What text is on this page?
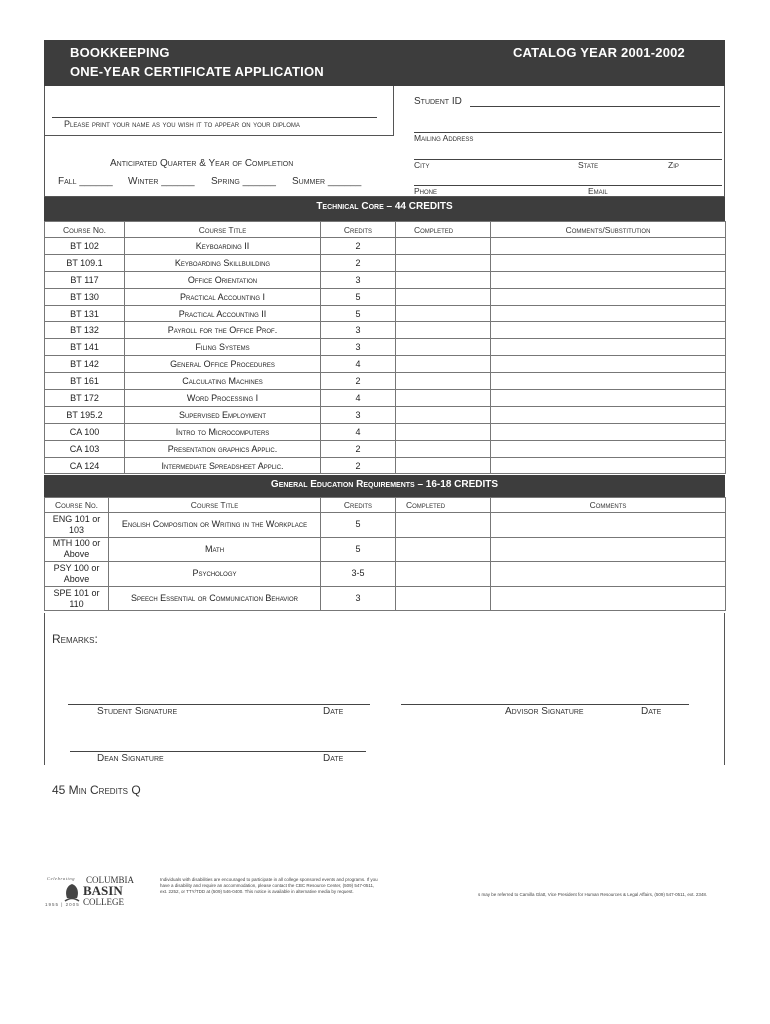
BOOKKEEPING
ONE-YEAR CERTIFICATE APPLICATION
CATALOG YEAR 2001-2002
Please print your name as you wish it to appear on your diploma
Anticipated Quarter & Year of Completion
Fall ______ Winter ______ Spring ______ Summer ______
Student ID
Mailing Address
City	State	Zip
Phone	Email
Technical Core – 44 CREDITS
Course No.	Course Title	Credits	Completed	Comments/Substitution
BT 102	Keyboarding II	2		
BT 109.1	Keyboarding Skillbuilding	2		
BT 117	Office Orientation	3		
BT 130	Practical Accounting I	5		
BT 131	Practical Accounting II	5		
BT 132	Payroll for the Office Prof.	3		
BT 141	Filing Systems	3		
BT 142	General Office Procedures	4		
BT 161	Calculating Machines	2		
BT 172	Word Processing I	4		
BT 195.2	Supervised Employment	3		
CA 100	Intro to Microcomputers	4		
CA 103	Presentation graphics Applic.	2		
CA 124	Intermediate Spreadsheet Applic.	2		
General Education Requirements – 16-18 CREDITS
Course No.	Course Title	Credits	Completed	Comments
ENG 101 or 103	English Composition or Writing in the Workplace	5		
MTH 100 or Above	Math	5		
PSY 100 or Above	Psychology	3-5		
SPE 101 or 110	Speech Essential or Communication Behavior	3		
Remarks:
Student Signature	Date	Advisor Signature	Date
Dean Signature	Date
45 Min Credits Q
Celebrating COLUMBIA
BASIN
COLLEGE
1955 | 2005
Individuals with disabilities are encouraged to participate in all college sponsored events and programs. If you have a disability and require an accommodation, please contact the CBC Resource Center, (509) 547-0511, ext. 2252, or TTY/TDD at (509) 546-0400. This notice is available in alternative media by request.
s may be referred to Camilla Glatt, Vice President for Human Resources & Legal Affairs, (509) 547-0511, ext. 2348.
